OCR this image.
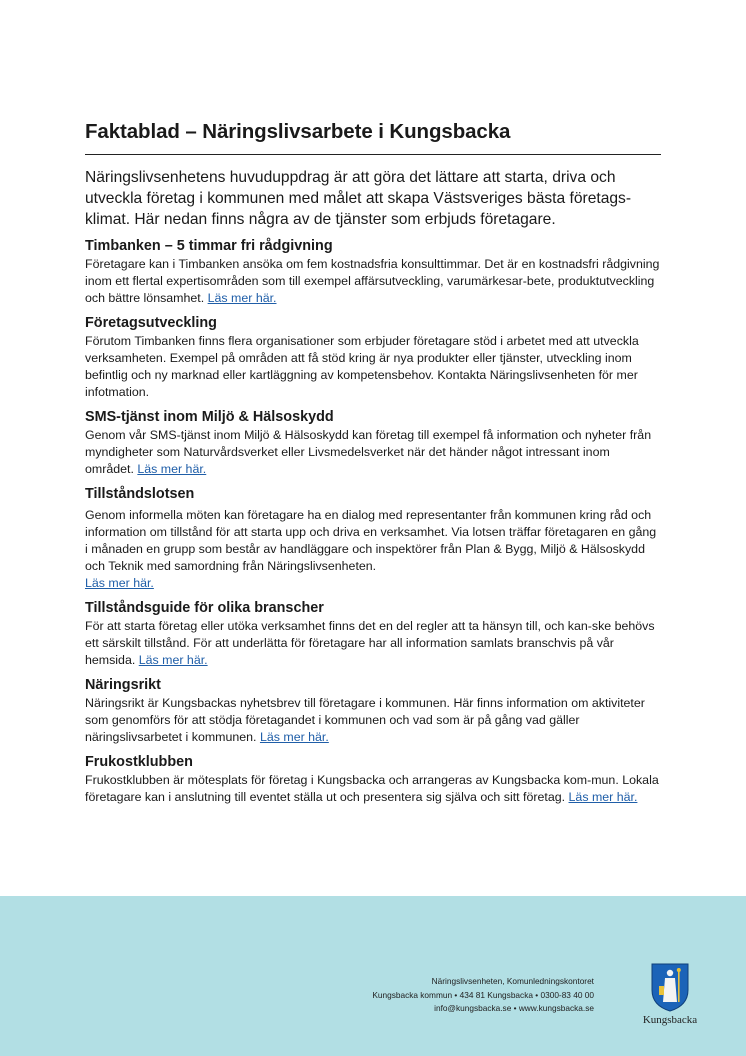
Faktablad – Näringslivsarbete i Kungsbacka

Näringslivsenhetens huvuduppdrag är att göra det lättare att starta, driva och utveckla företag i kommunen med målet att skapa Västsveriges bästa företags-klimat. Här nedan finns några av de tjänster som erbjuds företagare.

Timbanken – 5 timmar fri rådgivning

Företagare kan i Timbanken ansöka om fem kostnadsfria konsulttimmar. Det är en kostnadsfri rådgivning inom ett flertal expertisområden som till exempel affärsutveckling, varumärkesar-bete, produktutveckling och bättre lönsamhet. Läs mer här.

Företagsutveckling

Förutom Timbanken finns flera organisationer som erbjuder företagare stöd i arbetet med att utveckla verksamheten. Exempel på områden att få stöd kring är nya produkter eller tjänster, utveckling inom befintlig och ny marknad eller kartläggning av kompetensbehov. Kontakta Näringslivsenheten för mer infotmation.

SMS-tjänst inom Miljö & Hälsoskydd

Genom vår SMS-tjänst inom Miljö & Hälsoskydd kan företag till exempel få information och nyheter från myndigheter som Naturvårdsverket eller Livsmedelsverket när det händer något intressant inom området. Läs mer här.

Tillståndslotsen

Genom informella möten kan företagare ha en dialog med representanter från kommunen kring råd och information om tillstånd för att starta upp och driva en verksamhet. Via lotsen träffar företagaren en gång i månaden en grupp som består av handläggare och inspektörer från Plan & Bygg, Miljö & Hälsoskydd och Teknik med samordning från Näringslivsenheten.
Läs mer här.

Tillståndsguide för olika branscher

För att starta företag eller utöka verksamhet finns det en del regler att ta hänsyn till, och kan-ske behövs ett särskilt tillstånd. För att underlätta för företagare har all information samlats branschvis på vår hemsida. Läs mer här.

Näringsrikt

Näringsrikt är Kungsbackas nyhetsbrev till företagare i kommunen. Här finns information om aktiviteter som genomförs för att stödja företagandet i kommunen och vad som är på gång vad gäller näringslivsarbetet i kommunen. Läs mer här.

Frukostklubben

Frukostklubben är mötesplats för företag i Kungsbacka och arrangeras av Kungsbacka kom-mun. Lokala företagare kan i anslutning till eventet ställa ut och presentera sig själva och sitt företag. Läs mer här.

Näringslivsenheten, Komunledningskontoret
Kungsbacka kommun • 434 81 Kungsbacka • 0300-83 40 00
info@kungsbacka.se • www.kungsbacka.se
Kungsbacka
